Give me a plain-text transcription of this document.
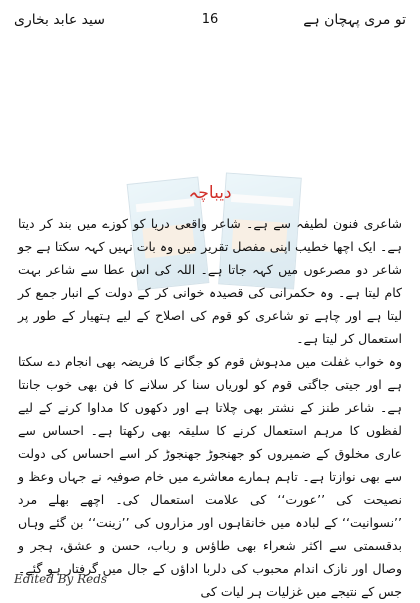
تو مری پہچان ہے
16
سید عابد بخاری
دیباچہ

شاعری فنون لطیفہ سے ہے۔ شاعر واقعی دریا کو کوزے میں بند کر دیتا ہے۔ ایک اچھا خطیب اپنی مفصل تقریر میں وہ بات نہیں کہہ سکتا ہے جو شاعر دو مصرعوں میں کہہ جاتا ہے۔ اللہ کی اس عطا سے شاعر بہت کام لیتا ہے۔ وہ حکمرانی کی قصیدہ خوانی کر کے دولت کے انبار جمع کر لیتا ہے اور چاہے تو شاعری کو قوم کی اصلاح کے لیے ہتھیار کے طور پر استعمال کر لیتا ہے۔

وہ خواب غفلت میں مدہوش قوم کو جگانے کا فریضہ بھی انجام دے سکتا ہے اور جیتی جاگتی قوم کو لوریاں سنا کر سلانے کا فن بھی خوب جانتا ہے۔ شاعر طنز کے نشتر بھی چلاتا ہے اور دکھوں کا مداوا کرنے کے لیے لفظوں کا مرہم استعمال کرنے کا سلیقہ بھی رکھتا ہے۔ احساس سے عاری مخلوق کے ضمیروں کو جھنجوڑ جھنجوڑ کر اسے احساس کی دولت سے بھی نوازتا ہے۔ تاہم ہمارے معاشرے میں خام صوفیہ نے جہاں وعظ و نصیحت کی ’’عورت‘‘ کی علامت استعمال کی۔ اچھے بھلے مرد ’’نسوانیت‘‘ کے لبادہ میں خانقاہوں اور مزاروں کی ’’زینت‘‘ بن گئے وہاں بدقسمتی سے اکثر شعراء بھی طاؤس و رباب، حسن و عشق، ہجر و وصال اور نازک اندام محبوب کی دلربا اداؤں کے جال میں گرفتار ہو گئے۔ جس کے نتیجے میں غزلیات ہر لیات کی

Edited By Reds
